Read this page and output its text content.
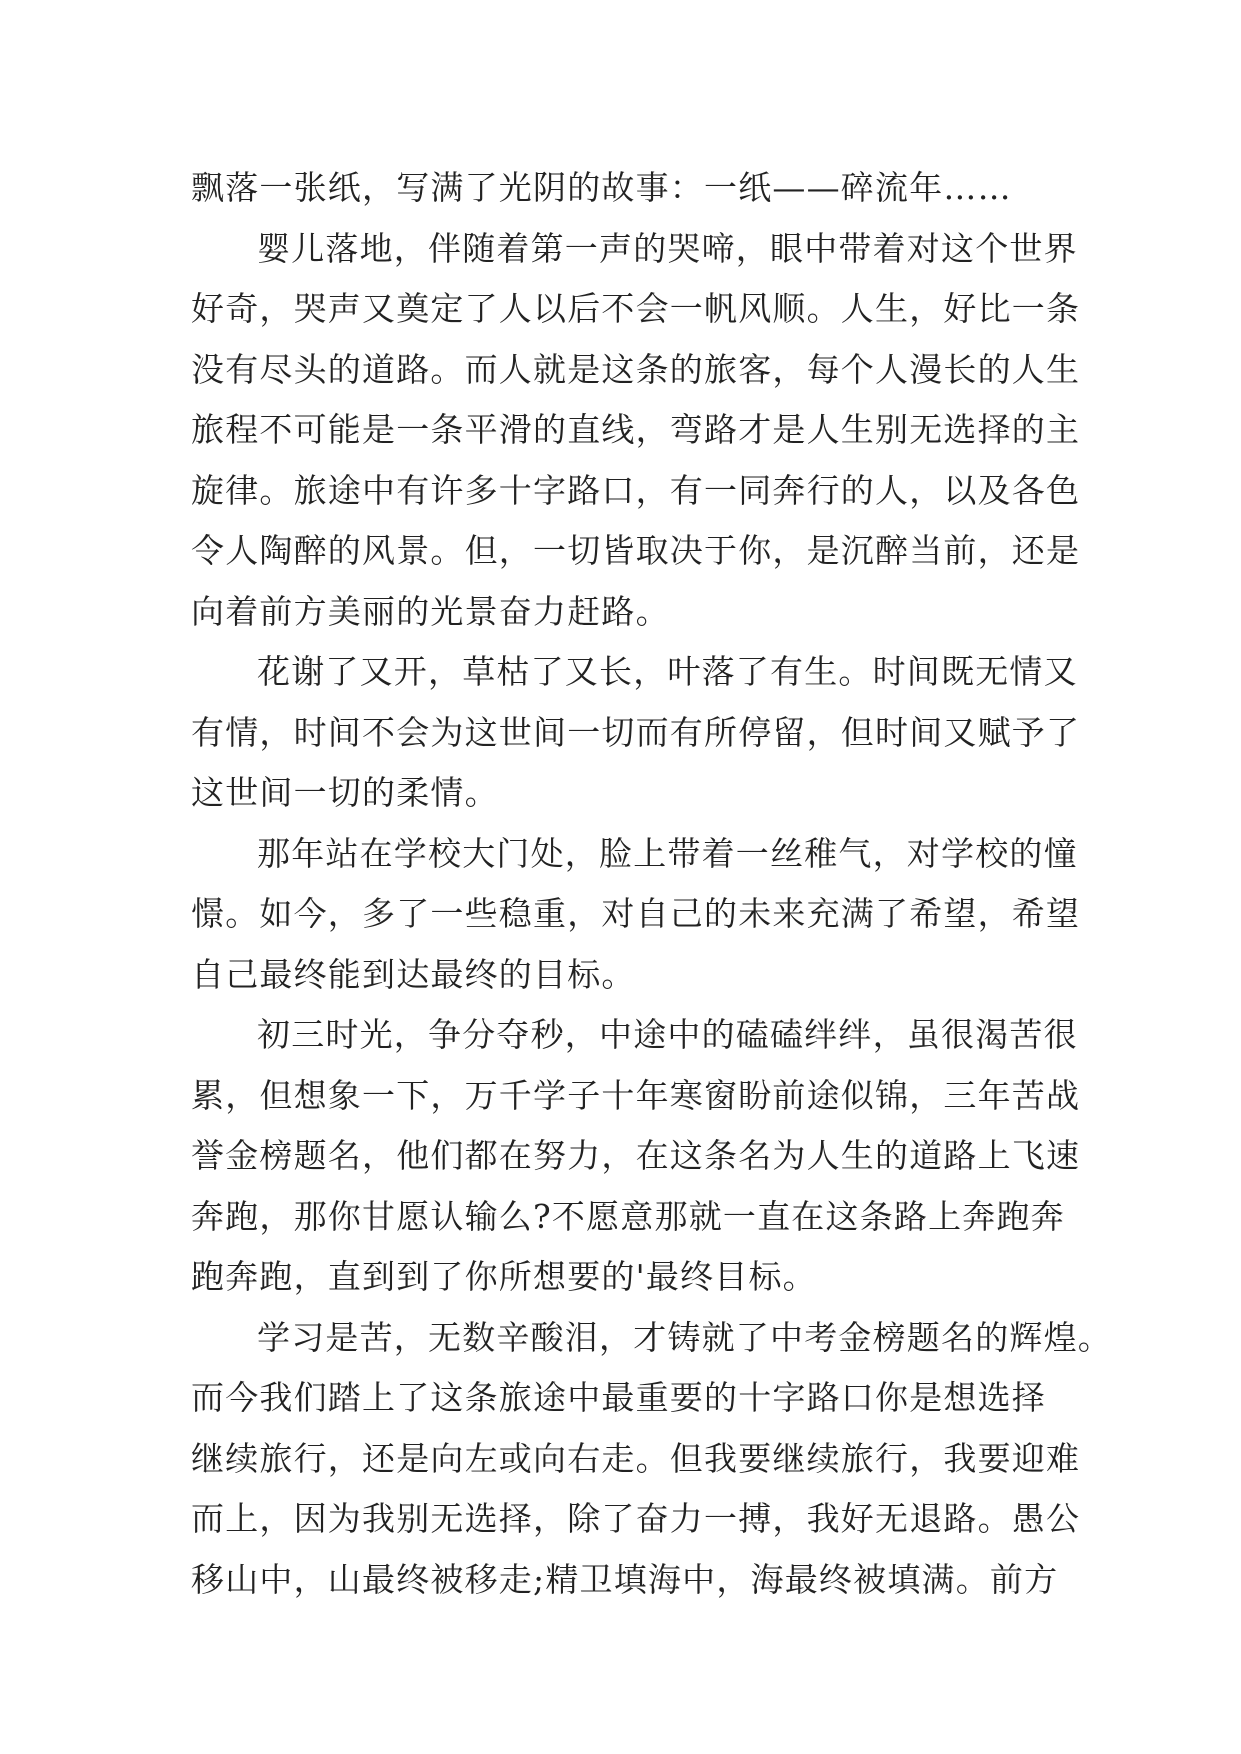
飘落一张纸，写满了光阴的故事：一纸——碎流年……
婴儿落地，伴随着第一声的哭啼，眼中带着对这个世界
好奇，哭声又奠定了人以后不会一帆风顺。人生，好比一条
没有尽头的道路。而人就是这条的旅客，每个人漫长的人生
旅程不可能是一条平滑的直线，弯路才是人生别无选择的主
旋律。旅途中有许多十字路口，有一同奔行的人，以及各色
令人陶醉的风景。但，一切皆取决于你，是沉醉当前，还是
向着前方美丽的光景奋力赶路。
花谢了又开，草枯了又长，叶落了有生。时间既无情又
有情，时间不会为这世间一切而有所停留，但时间又赋予了
这世间一切的柔情。
那年站在学校大门处，脸上带着一丝稚气，对学校的憧
憬。如今，多了一些稳重，对自己的未来充满了希望，希望
自己最终能到达最终的目标。
初三时光，争分夺秒，中途中的磕磕绊绊，虽很渴苦很
累，但想象一下，万千学子十年寒窗盼前途似锦，三年苦战
誉金榜题名，他们都在努力，在这条名为人生的道路上飞速
奔跑，那你甘愿认输么?不愿意那就一直在这条路上奔跑奔
跑奔跑，直到到了你所想要的'最终目标。
学习是苦，无数辛酸泪，才铸就了中考金榜题名的辉煌。
而今我们踏上了这条旅途中最重要的十字路口你是想选择
继续旅行，还是向左或向右走。但我要继续旅行，我要迎难
而上，因为我别无选择，除了奋力一搏，我好无退路。愚公
移山中，山最终被移走;精卫填海中，海最终被填满。前方
